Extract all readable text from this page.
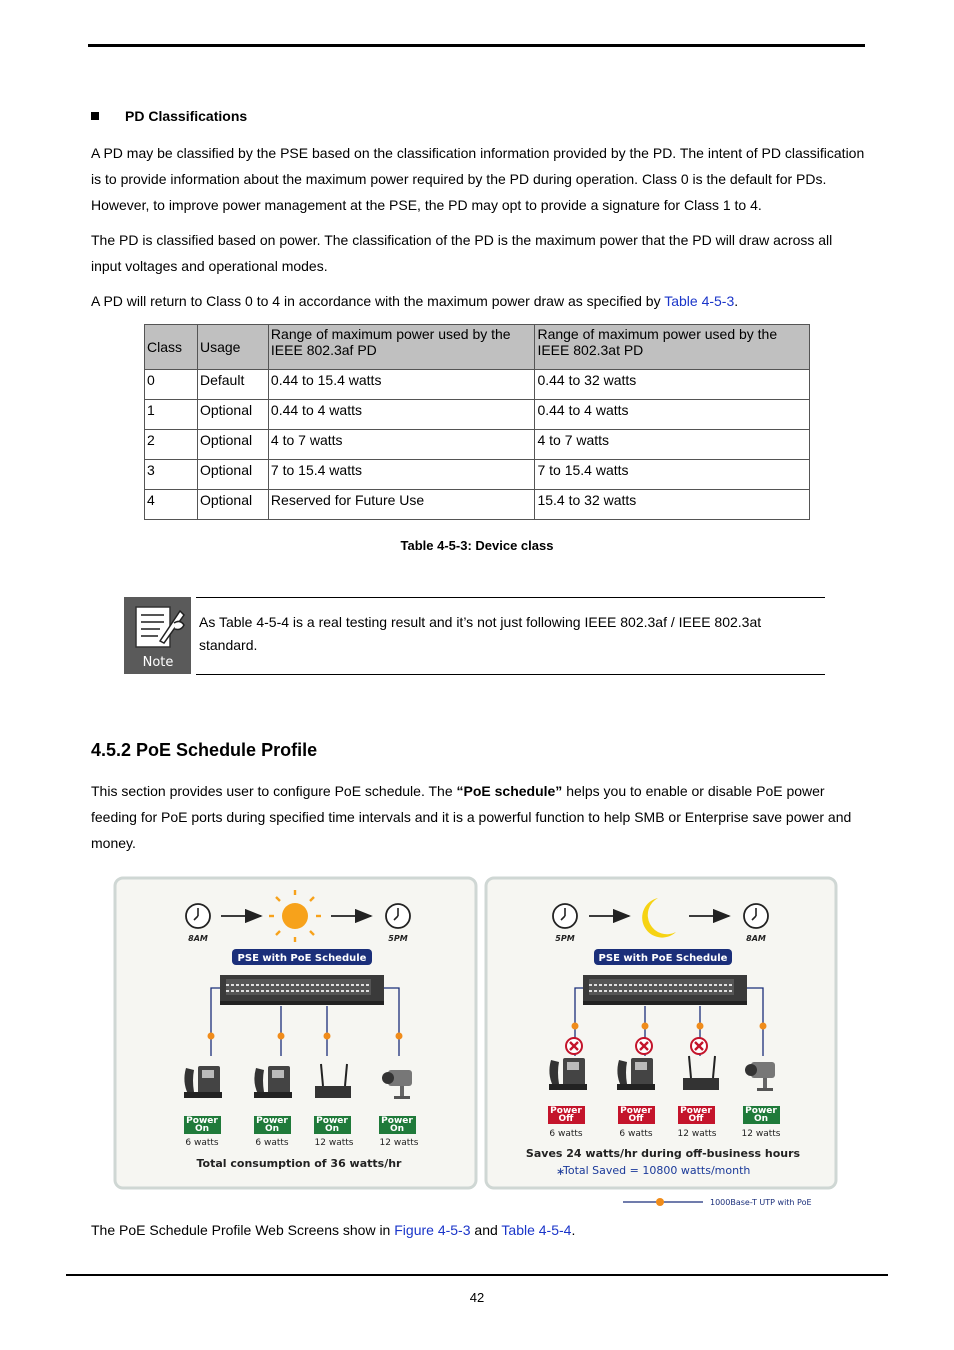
PD Classifications

A PD may be classified by the PSE based on the classification information provided by the PD. The intent of PD classification is to provide information about the maximum power required by the PD during operation. Class 0 is the default for PDs. However, to improve power management at the PSE, the PD may opt to provide a signature for Class 1 to 4.

The PD is classified based on power. The classification of the PD is the maximum power that the PD will draw across all input voltages and operational modes.

A PD will return to Class 0 to 4 in accordance with the maximum power draw as specified by Table 4-5-3.

Class	Usage	Range of maximum power used by the IEEE 802.3af PD	Range of maximum power used by the IEEE 802.3at PD
0	Default	0.44 to 15.4 watts	0.44 to 32 watts
1	Optional	0.44 to 4 watts	0.44 to 4 watts
2	Optional	4 to 7 watts	4 to 7 watts
3	Optional	7 to 15.4 watts	7 to 15.4 watts
4	Optional	Reserved for Future Use	15.4 to 32 watts
Table 4-5-3: Device class
Note
As Table 4-5-4 is a real testing result and it’s not just following IEEE 802.3af / IEEE 802.3at standard.
4.5.2 PoE Schedule Profile

This section provides user to configure PoE schedule. The “PoE schedule” helps you to enable or disable PoE power feeding for PoE ports during specified time intervals and it is a powerful function to help SMB or Enterprise save power and money.

8AM	5PM
PSE with PoE Schedule
Power On
Power On
Power On
Power On
6 watts	6 watts	12 watts	12 watts
Total consumption of 36 watts/hr
5PM	8AM
PSE with PoE Schedule
Power Off
Power Off
Power Off
Power On
6 watts	6 watts	12 watts	12 watts
Saves 24 watts/hr during off-business hours
∗
Total Saved = 10800 watts/month
1000Base-T UTP with PoE

The PoE Schedule Profile Web Screens show in Figure 4-5-3 and Table 4-5-4.

42
